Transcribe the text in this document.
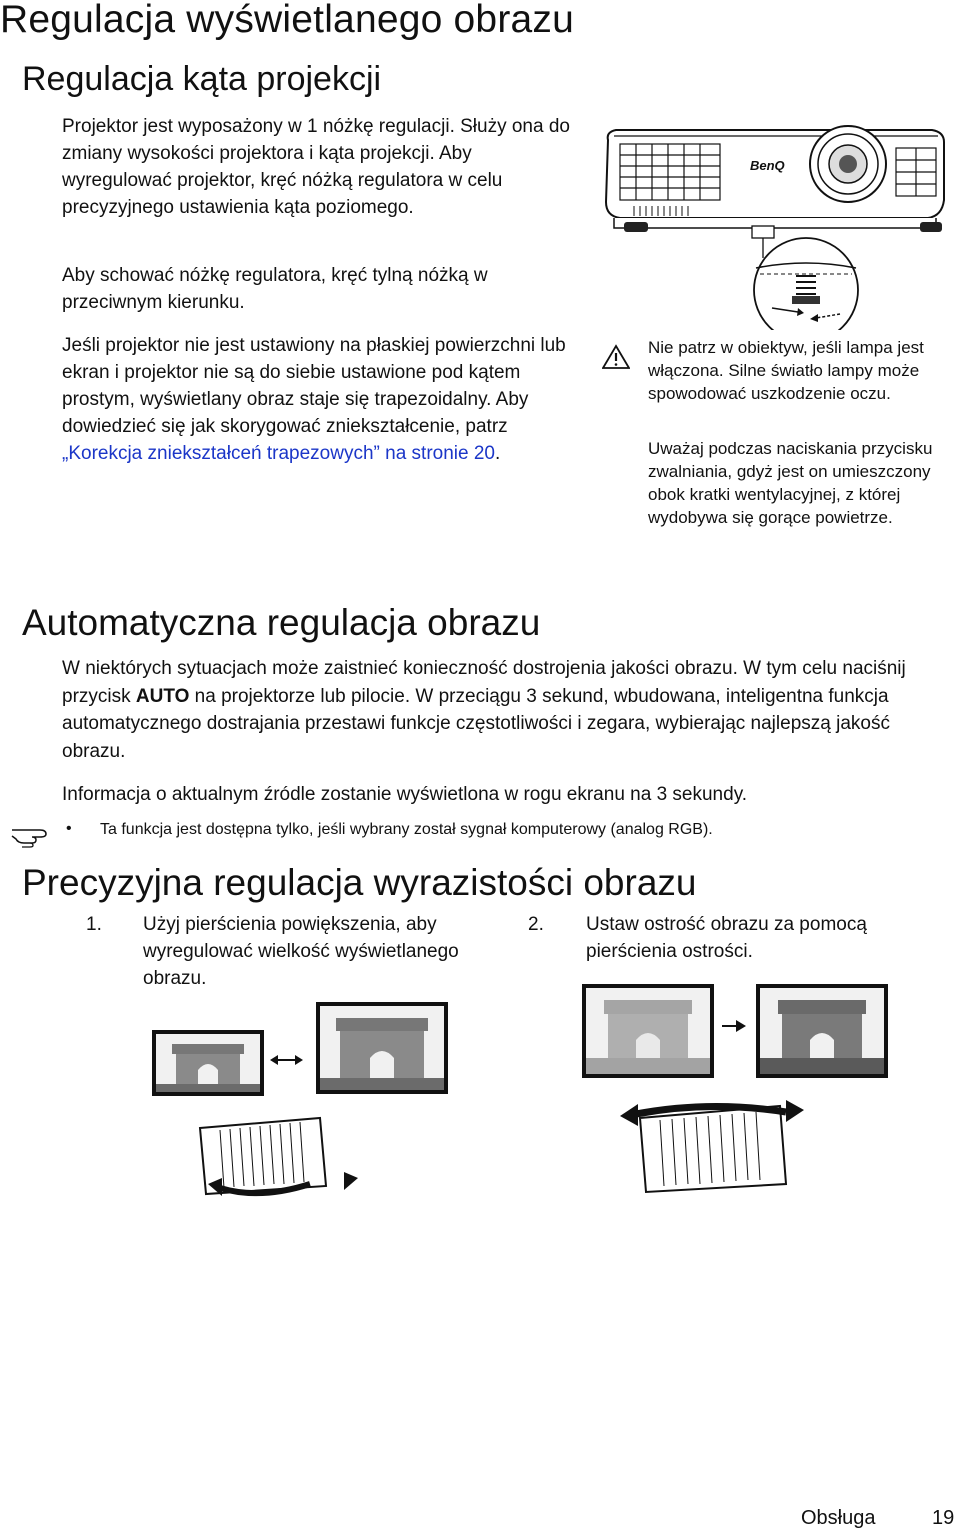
Regulacja wyświetlanego obrazu
Regulacja kąta projekcji

Projektor jest wyposażony w 1 nóżkę regulacji. Służy ona do zmiany wysokości projektora i kąta projekcji. Aby wyregulować projektor, kręć nóżką regulatora w celu precyzyjnego ustawienia kąta poziomego.

Aby schować nóżkę regulatora, kręć tylną nóżką w przeciwnym kierunku.

Jeśli projektor nie jest ustawiony na płaskiej powierzchni lub ekran i projektor nie są do siebie ustawione pod kątem prostym, wyświetlany obraz staje się trapezoidalny. Aby dowiedzieć się jak skorygować zniekształcenie, patrz „Korekcja zniekształceń trapezowych” na stronie 20.

BenQ

Nie patrz w obiektyw, jeśli lampa jest włączona. Silne światło lampy może spowodować uszkodzenie oczu.

Uważaj podczas naciskania przycisku zwalniania, gdyż jest on umieszczony obok kratki wentylacyjnej, z której wydobywa się gorące powietrze.

Automatyczna regulacja obrazu

W niektórych sytuacjach może zaistnieć konieczność dostrojenia jakości obrazu. W tym celu naciśnij przycisk AUTO na projektorze lub pilocie. W przeciągu 3 sekund, wbudowana, inteligentna funkcja automatycznego dostrajania przestawi funkcje częstotliwości i zegara, wybierając najlepszą jakość obrazu.

Informacja o aktualnym źródle zostanie wyświetlona w rogu ekranu na 3 sekundy.

• Ta funkcja jest dostępna tylko, jeśli wybrany został sygnał komputerowy (analog RGB).
Precyzyjna regulacja wyrazistości obrazu
1. Użyj pierścienia powiększenia, aby wyregulować wielkość wyświetlanego obrazu.

2. Ustaw ostrość obrazu za pomocą pierścienia ostrości.

Obsługa	19
